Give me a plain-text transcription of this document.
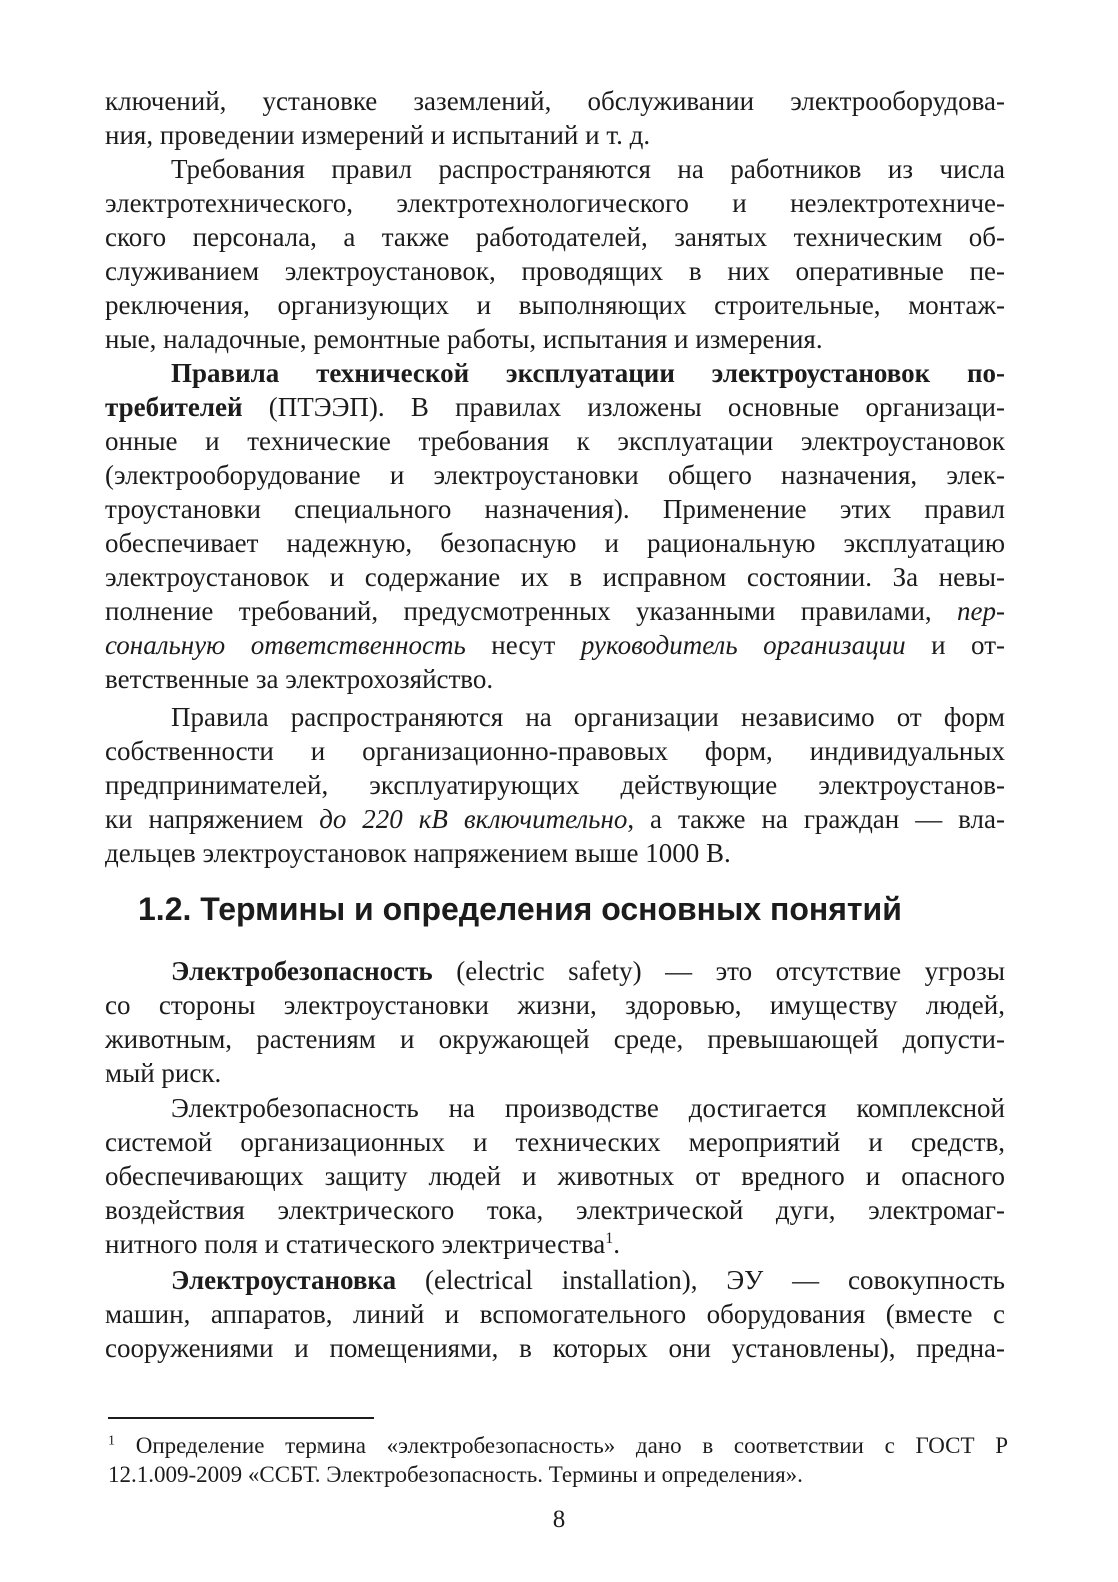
ключений, установке заземлений, обслуживании электрооборудова-
ния, проведении измерений и испытаний и т. д.
Требования правил распространяются на работников из числа
электротехнического, электротехнологического и неэлектротехниче-
ского персонала, а также работодателей, занятых техническим об-
служиванием электроустановок, проводящих в них оперативные пе-
реключения, организующих и выполняющих строительные, монтаж-
ные, наладочные, ремонтные работы, испытания и измерения.
Правила технической эксплуатации электроустановок по-
требителей (ПТЭЭП). В правилах изложены основные организаци-
онные и технические требования к эксплуатации электроустановок
(электрооборудование и электроустановки общего назначения, элек-
троустановки специального назначения). Применение этих правил
обеспечивает надежную, безопасную и рациональную эксплуатацию
электроустановок и содержание их в исправном состоянии. За невы-
полнение требований, предусмотренных указанными правилами, пер-
сональную ответственность несут руководитель организации и от-
ветственные за электрохозяйство.
Правила распространяются на организации независимо от форм
собственности и организационно-правовых форм, индивидуальных
предпринимателей, эксплуатирующих действующие электроустанов-
ки напряжением до 220 кВ включительно, а также на граждан — вла-
дельцев электроустановок напряжением выше 1000 В.
1.2. Термины и определения основных понятий
Электробезопасность (electric safety) — это отсутствие угрозы
со стороны электроустановки жизни, здоровью, имуществу людей,
животным, растениям и окружающей среде, превышающей допусти-
мый риск.
Электробезопасность на производстве достигается комплексной
системой организационных и технических мероприятий и средств,
обеспечивающих защиту людей и животных от вредного и опасного
воздействия электрического тока, электрической дуги, электромаг-
нитного поля и статического электричества$^1$.
Электроустановка (electrical installation), ЭУ — совокупность
машин, аппаратов, линий и вспомогательного оборудования (вместе с
сооружениями и помещениями, в которых они установлены), предна-
$^1$ Определение термина «электробезопасность» дано в соответствии с ГОСТ Р
12.1.009-2009 «ССБТ. Электробезопасность. Термины и определения».
8
